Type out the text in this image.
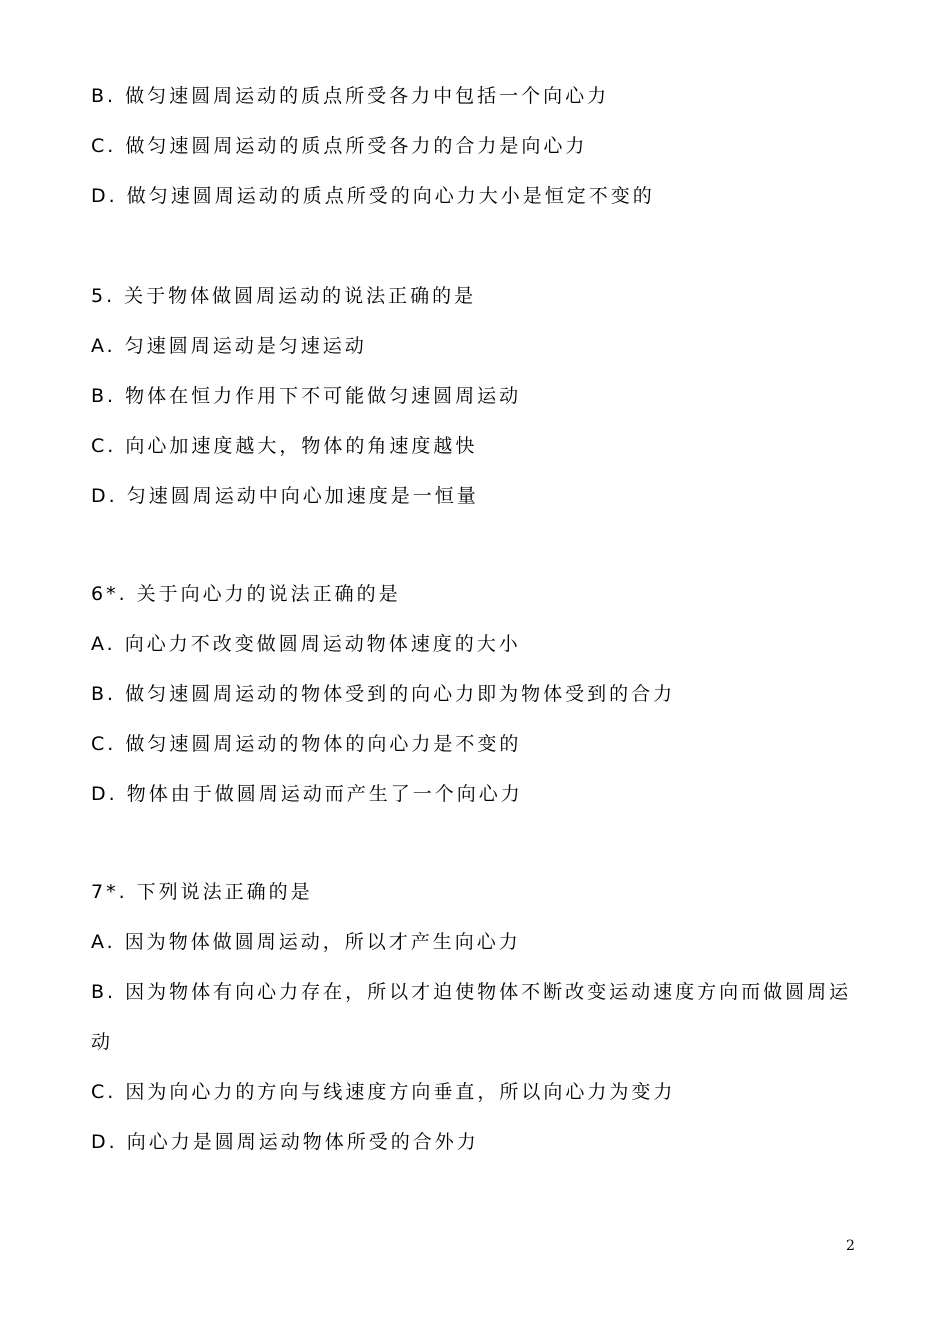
B. 做匀速圆周运动的质点所受各力中包括一个向心力
C. 做匀速圆周运动的质点所受各力的合力是向心力
D. 做匀速圆周运动的质点所受的向心力大小是恒定不变的
5. 关于物体做圆周运动的说法正确的是
A. 匀速圆周运动是匀速运动
B. 物体在恒力作用下不可能做匀速圆周运动
C. 向心加速度越大，物体的角速度越快
D. 匀速圆周运动中向心加速度是一恒量
6*. 关于向心力的说法正确的是
A. 向心力不改变做圆周运动物体速度的大小
B. 做匀速圆周运动的物体受到的向心力即为物体受到的合力
C. 做匀速圆周运动的物体的向心力是不变的
D. 物体由于做圆周运动而产生了一个向心力
7*. 下列说法正确的是
A. 因为物体做圆周运动，所以才产生向心力
B. 因为物体有向心力存在，所以才迫使物体不断改变运动速度方向而做圆周运
动
C. 因为向心力的方向与线速度方向垂直，所以向心力为变力
D. 向心力是圆周运动物体所受的合外力
2
